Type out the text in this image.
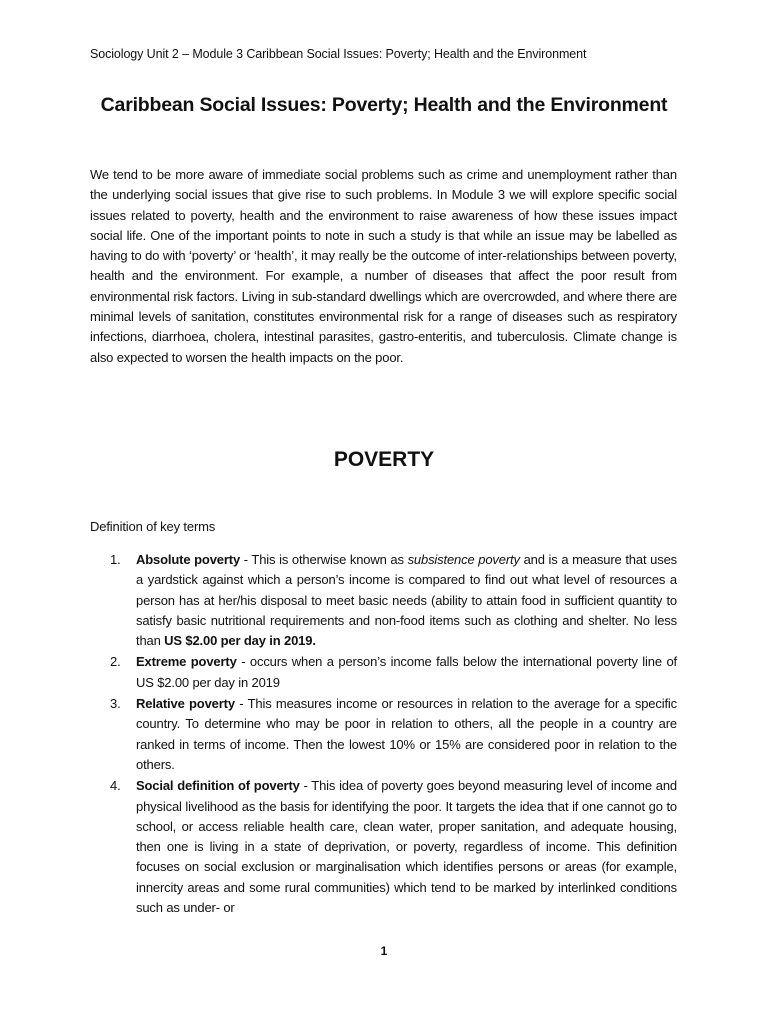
Sociology Unit 2 – Module 3 Caribbean Social Issues: Poverty; Health and the Environment
Caribbean Social Issues: Poverty; Health and the Environment

We tend to be more aware of immediate social problems such as crime and unemployment rather than the underlying social issues that give rise to such problems. In Module 3 we will explore specific social issues related to poverty, health and the environment to raise awareness of how these issues impact social life. One of the important points to note in such a study is that while an issue may be labelled as having to do with ‘poverty’ or ‘health’, it may really be the outcome of inter-relationships between poverty, health and the environment. For example, a number of diseases that affect the poor result from environmental risk factors. Living in sub-standard dwellings which are overcrowded, and where there are minimal levels of sanitation, constitutes environmental risk for a range of diseases such as respiratory infections, diarrhoea, cholera, intestinal parasites, gastro-enteritis, and tuberculosis. Climate change is also expected to worsen the health impacts on the poor.

POVERTY

Definition of key terms

1. Absolute poverty - This is otherwise known as subsistence poverty and is a measure that uses a yardstick against which a person’s income is compared to find out what level of resources a person has at her/his disposal to meet basic needs (ability to attain food in sufficient quantity to satisfy basic nutritional requirements and non-food items such as clothing and shelter. No less than US $2.00 per day in 2019.
2. Extreme poverty - occurs when a person’s income falls below the international poverty line of US $2.00 per day in 2019
3. Relative poverty - This measures income or resources in relation to the average for a specific country. To determine who may be poor in relation to others, all the people in a country are ranked in terms of income. Then the lowest 10% or 15% are considered poor in relation to the others.
4. Social definition of poverty - This idea of poverty goes beyond measuring level of income and physical livelihood as the basis for identifying the poor. It targets the idea that if one cannot go to school, or access reliable health care, clean water, proper sanitation, and adequate housing, then one is living in a state of deprivation, or poverty, regardless of income. This definition focuses on social exclusion or marginalisation which identifies persons or areas (for example, innercity areas and some rural communities) which tend to be marked by interlinked conditions such as under- or
1
